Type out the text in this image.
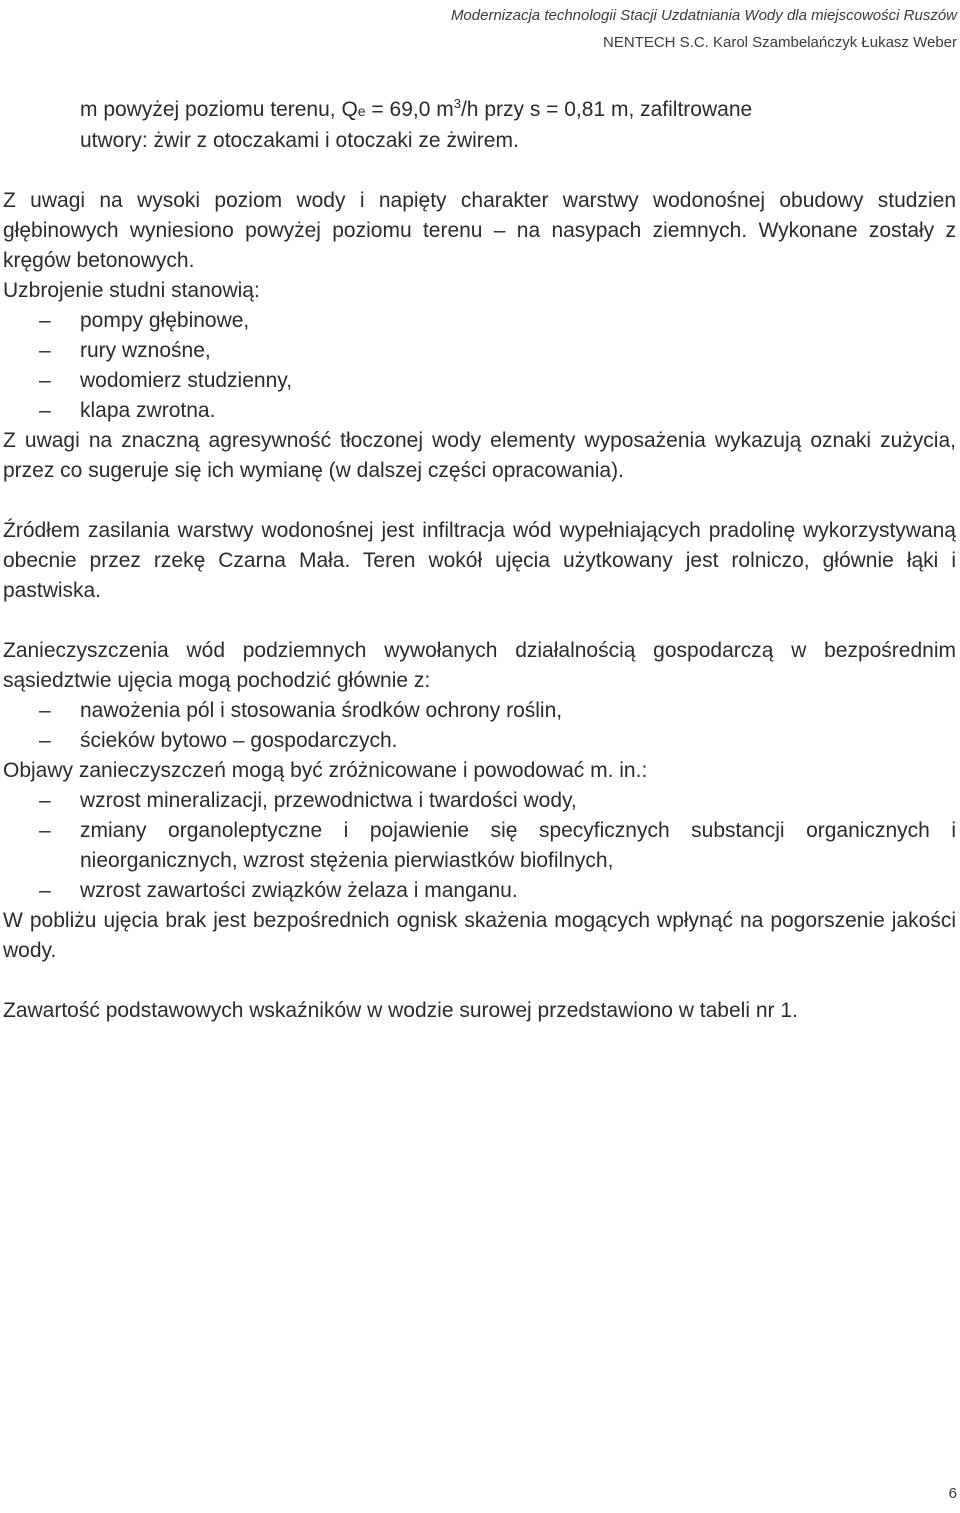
Modernizacja technologii Stacji Uzdatniania Wody dla miejscowości Ruszów
NENTECH S.C. Karol Szambelańczyk Łukasz Weber

m powyżej poziomu terenu, Qe = 69,0 $m^3/h$ przy s = 0,81 m, zafiltrowane
utwory: żwir z otoczakami i otoczaki ze żwirem.

Z uwagi na wysoki poziom wody i napięty charakter warstwy wodonośnej obudowy studzien głębinowych wyniesiono powyżej poziomu terenu – na nasypach ziemnych. Wykonane zostały z kręgów betonowych.

Uzbrojenie studni stanowią:

– pompy głębinowe,
– rury wznośne,
– wodomierz studzienny,
– klapa zwrotna.

Z uwagi na znaczną agresywność tłoczonej wody elementy wyposażenia wykazują oznaki zużycia, przez co sugeruje się ich wymianę (w dalszej części opracowania).

Źródłem zasilania warstwy wodonośnej jest infiltracja wód wypełniających pradolinę wykorzystywaną obecnie przez rzekę Czarna Mała. Teren wokół ujęcia użytkowany jest rolniczo, głównie łąki i pastwiska.

Zanieczyszczenia wód podziemnych wywołanych działalnością gospodarczą w bezpośrednim sąsiedztwie ujęcia mogą pochodzić głównie z:

– nawożenia pól i stosowania środków ochrony roślin,
– ścieków bytowo – gospodarczych.

Objawy zanieczyszczeń mogą być zróżnicowane i powodować m. in.:

– wzrost mineralizacji, przewodnictwa i twardości wody,
– zmiany organoleptyczne i pojawienie się specyficznych substancji organicznych i nieorganicznych, wzrost stężenia pierwiastków biofilnych,
– wzrost zawartości związków żelaza i manganu.

W pobliżu ujęcia brak jest bezpośrednich ognisk skażenia mogących wpłynąć na pogorszenie jakości wody.

Zawartość podstawowych wskaźników w wodzie surowej przedstawiono w tabeli nr 1.

6
